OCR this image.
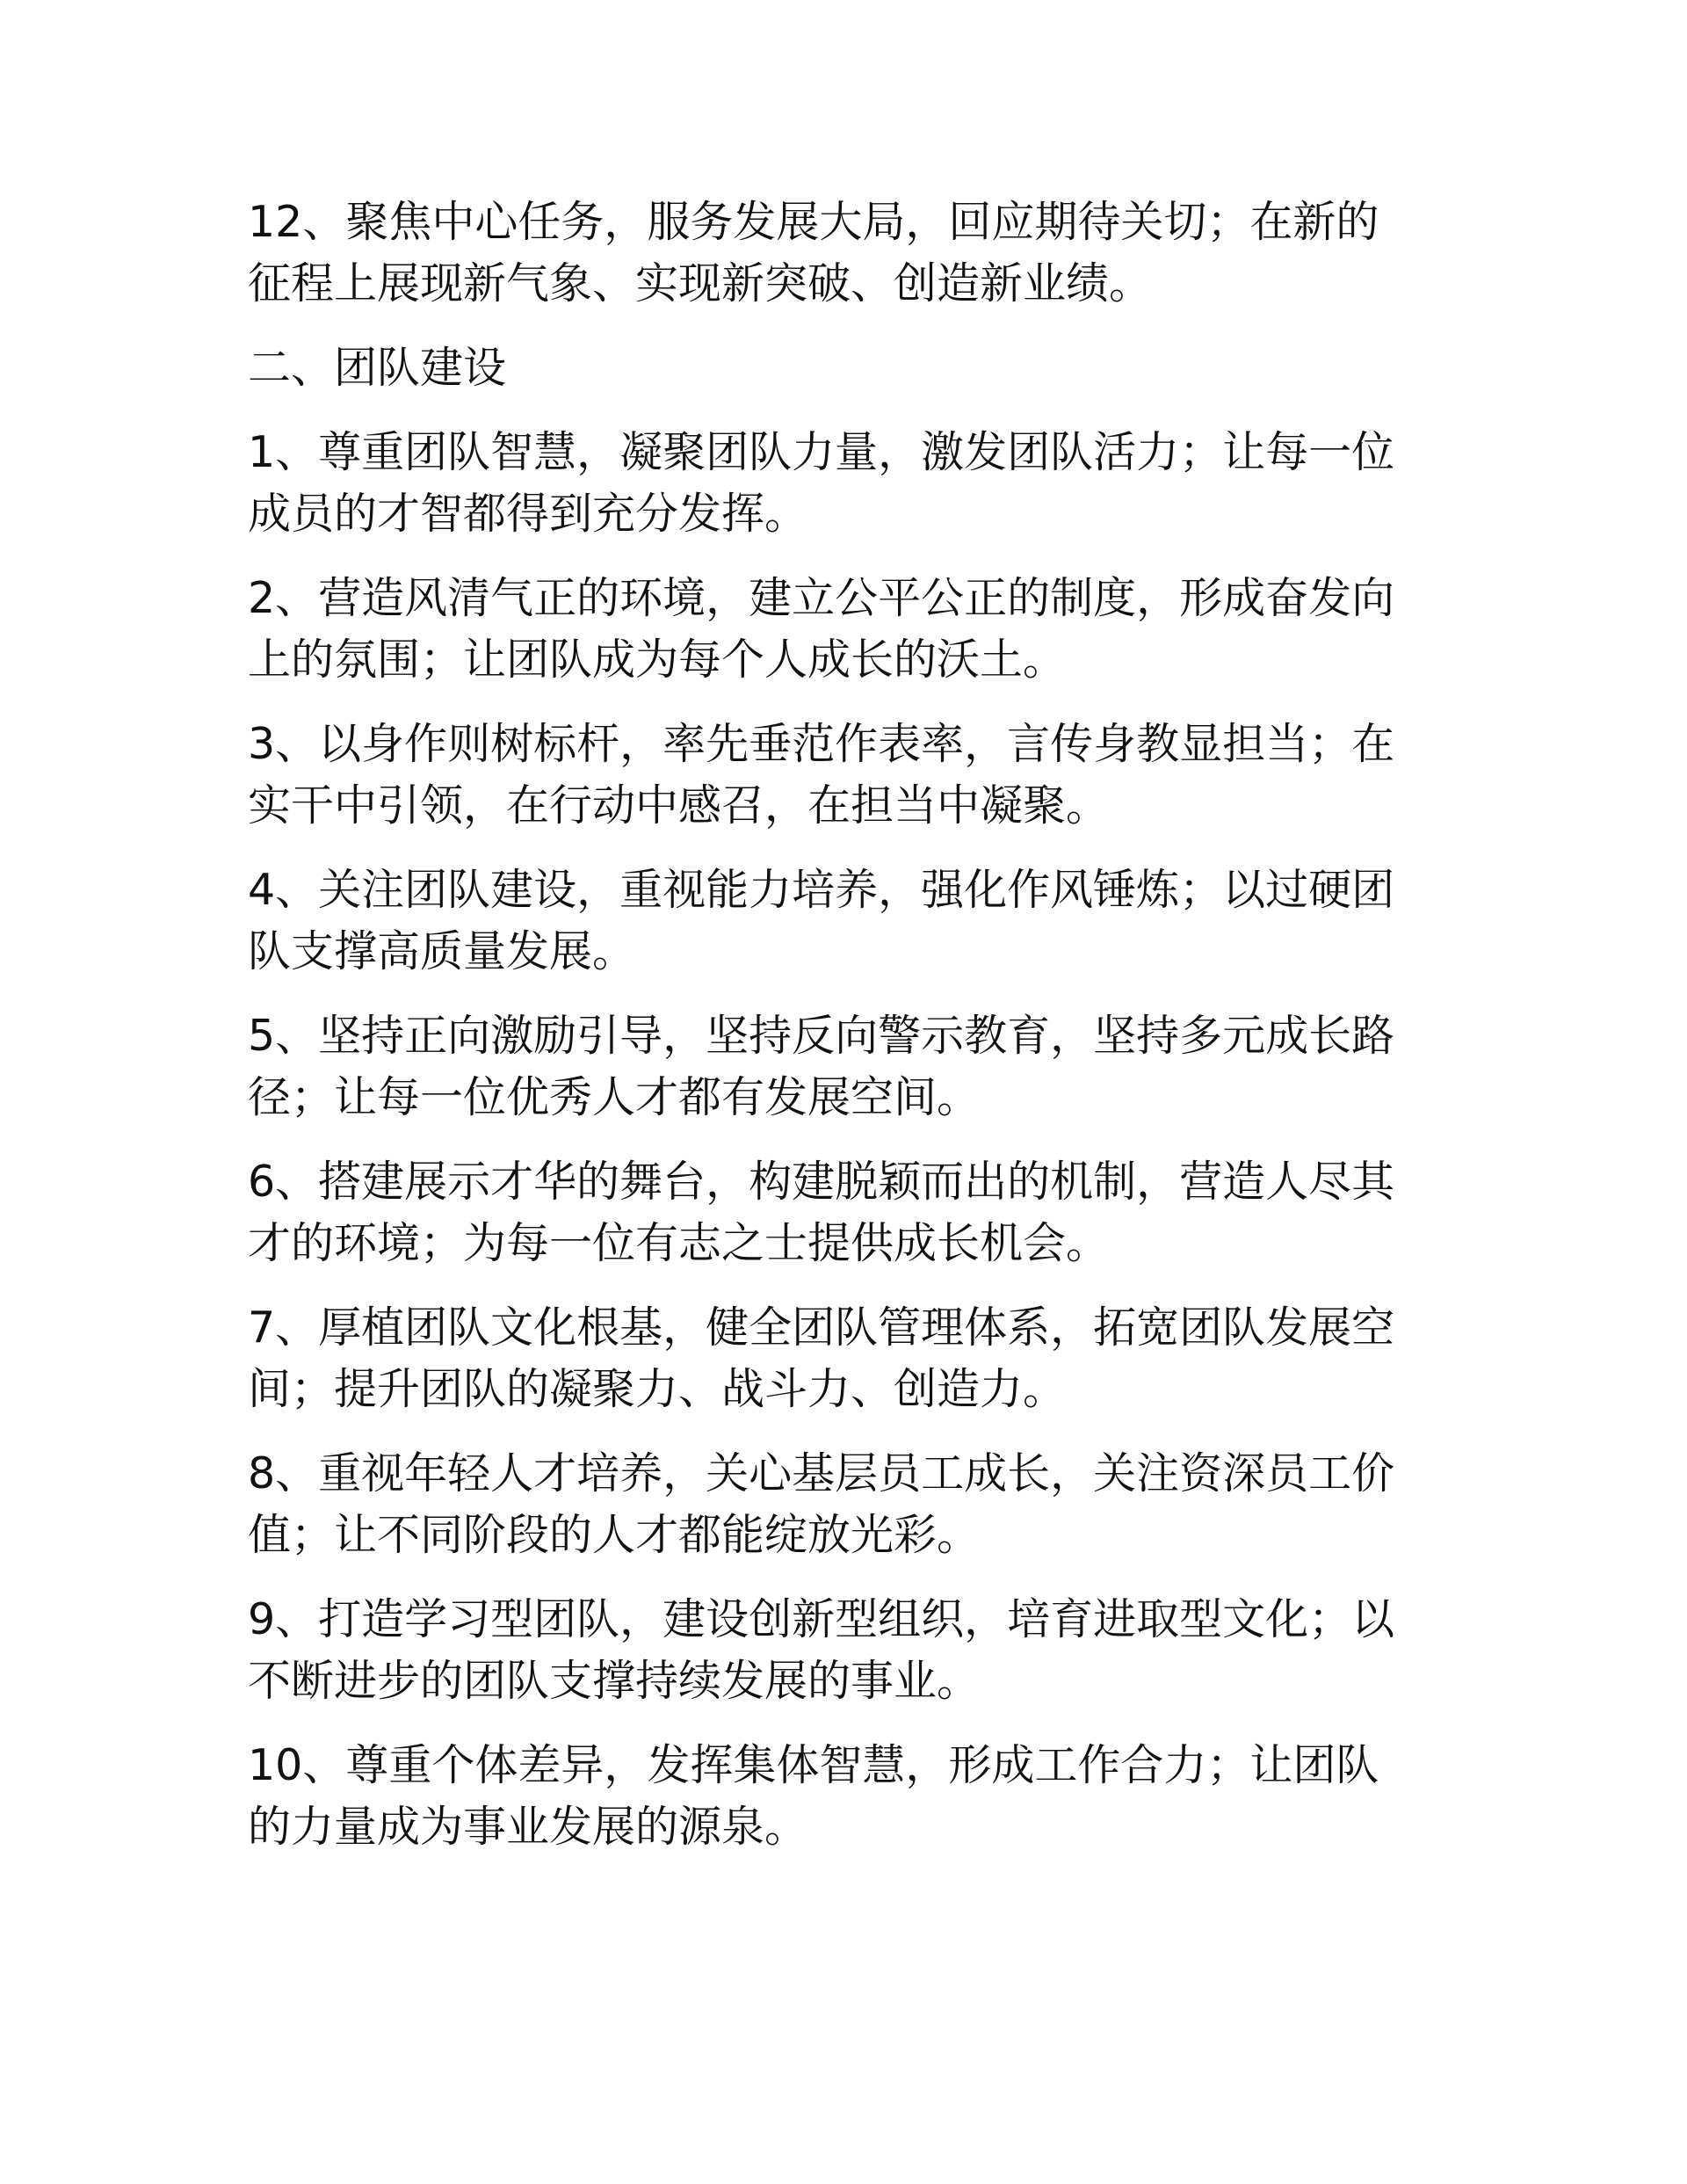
12、聚焦中心任务，服务发展大局，回应期待关切；在新的征程上展现新气象、实现新突破、创造新业绩。

二、团队建设

1、尊重团队智慧，凝聚团队力量，激发团队活力；让每一位成员的才智都得到充分发挥。

2、营造风清气正的环境，建立公平公正的制度，形成奋发向上的氛围；让团队成为每个人成长的沃土。

3、以身作则树标杆，率先垂范作表率，言传身教显担当；在实干中引领，在行动中感召，在担当中凝聚。

4、关注团队建设，重视能力培养，强化作风锤炼；以过硬团队支撑高质量发展。

5、坚持正向激励引导，坚持反向警示教育，坚持多元成长路径；让每一位优秀人才都有发展空间。

6、搭建展示才华的舞台，构建脱颖而出的机制，营造人尽其才的环境；为每一位有志之士提供成长机会。

7、厚植团队文化根基，健全团队管理体系，拓宽团队发展空间；提升团队的凝聚力、战斗力、创造力。

8、重视年轻人才培养，关心基层员工成长，关注资深员工价值；让不同阶段的人才都能绽放光彩。

9、打造学习型团队，建设创新型组织，培育进取型文化；以不断进步的团队支撑持续发展的事业。

10、尊重个体差异，发挥集体智慧，形成工作合力；让团队的力量成为事业发展的源泉。
